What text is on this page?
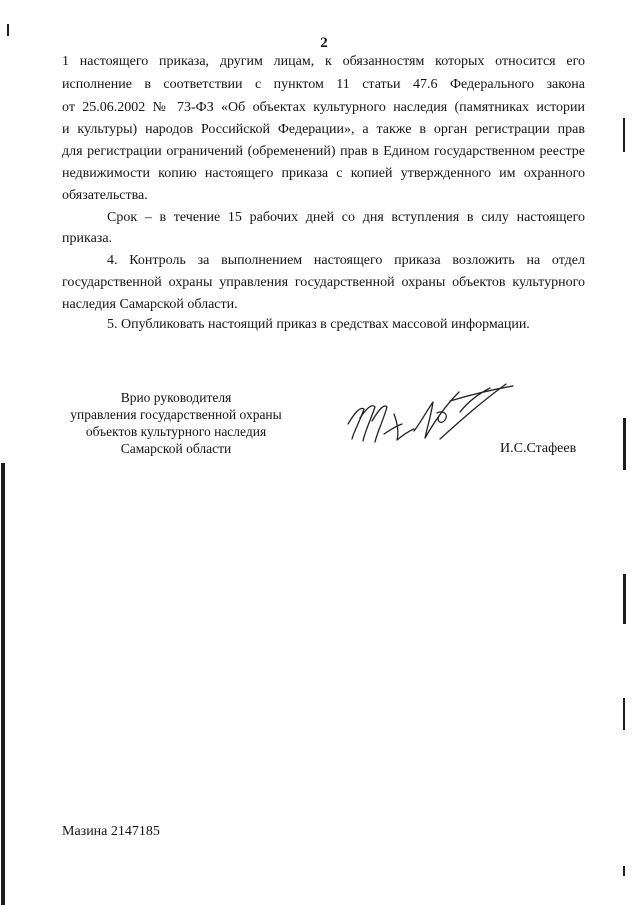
2
1 настоящего приказа, другим лицам, к обязанностям которых относится его
исполнение в соответствии с пунктом 11 статьи 47.6 Федерального закона
от 25.06.2002 № 73-ФЗ «Об объектах культурного наследия (памятниках истории
и культуры) народов Российской Федерации», а также в орган регистрации прав
для регистрации ограничений (обременений) прав в Едином государственном реестре
недвижимости копию настоящего приказа с копией утвержденного им охранного
обязательства.
Срок – в течение 15 рабочих дней со дня вступления в силу настоящего
приказа.
4. Контроль за выполнением настоящего приказа возложить на отдел
государственной охраны управления государственной охраны объектов культурного
наследия Самарской области.
5. Опубликовать настоящий приказ в средствах массовой информации.
Врио руководителя
управления государственной охраны
объектов культурного наследия
Самарской области	И.С.Стафеев
Мазина 2147185
